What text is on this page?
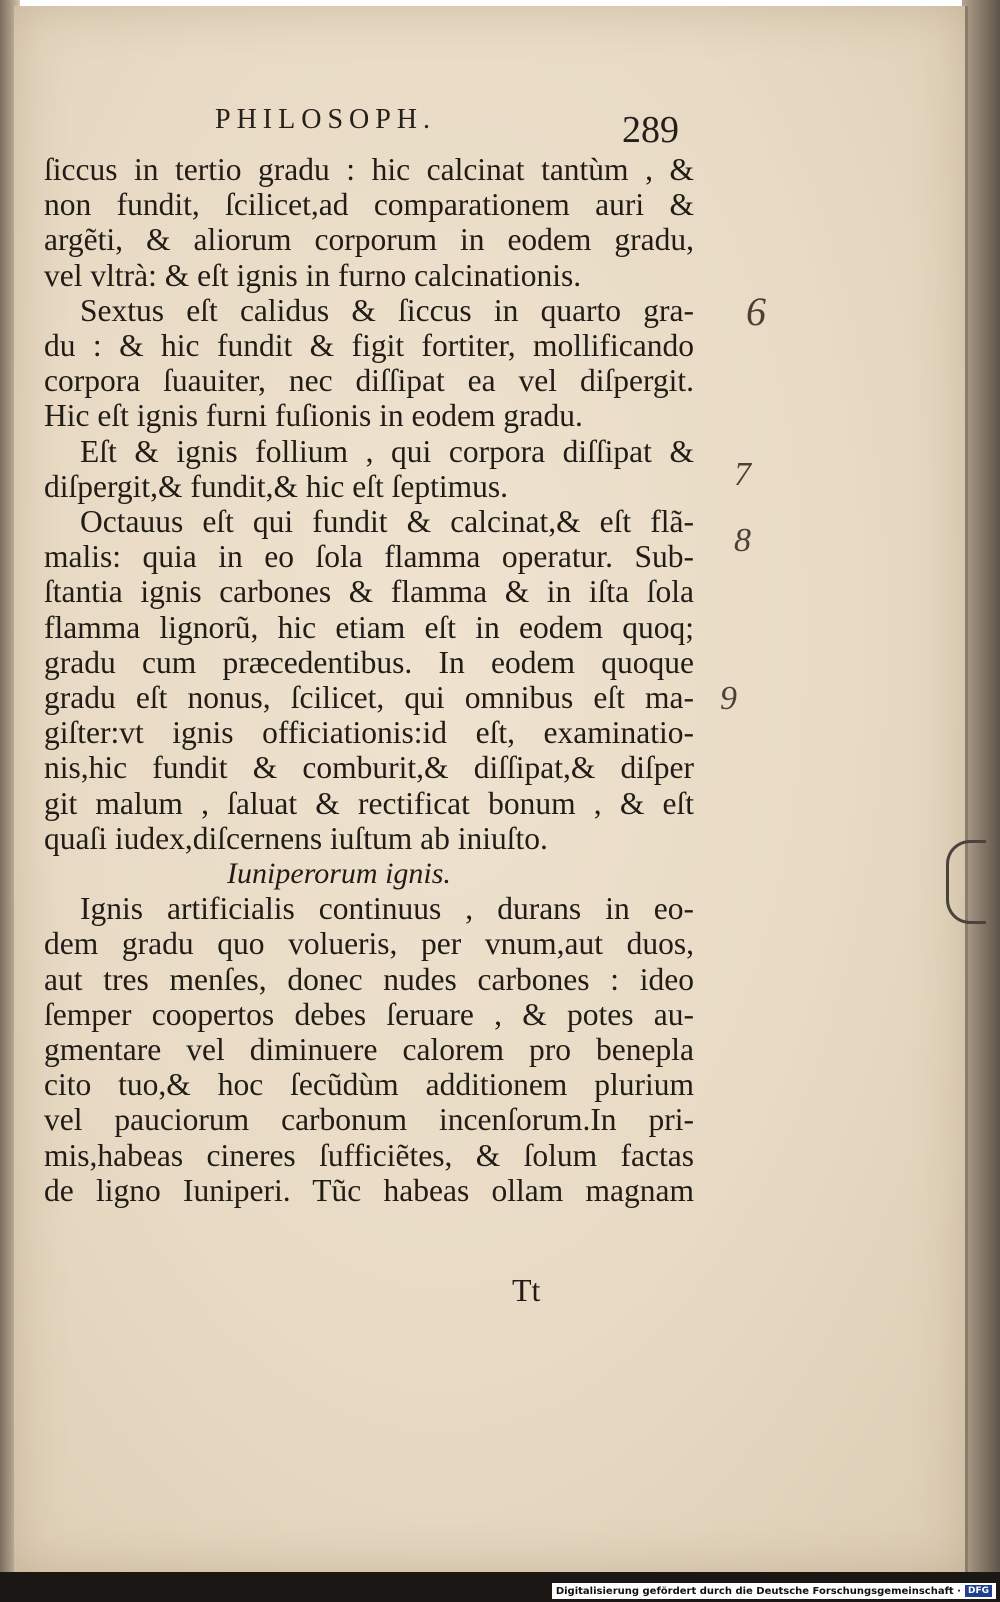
PHILOSOPH.	289
ſiccus in tertio gradu : hic calcinat tantùm , &
non fundit, ſcilicet,ad comparationem auri &
argẽti, & aliorum corporum in eodem gradu,
vel vltrà: & eſt ignis in furno calcinationis.
Sextus eſt calidus & ſiccus in quarto gra-
du : & hic fundit & figit fortiter, mollificando
corpora ſuauiter, nec diſſipat ea vel diſpergit.
Hic eſt ignis furni fuſionis in eodem gradu.
Eſt & ignis follium , qui corpora diſſipat &
diſpergit,& fundit,& hic eſt ſeptimus.
Octauus eſt qui fundit & calcinat,& eſt flã-
malis: quia in eo ſola flamma operatur. Sub-
ſtantia ignis carbones & flamma & in iſta ſola
flamma lignorũ, hic etiam eſt in eodem quoq;
gradu cum præcedentibus. In eodem quoque
gradu eſt nonus, ſcilicet, qui omnibus eſt ma-
giſter:vt ignis officiationis:id eſt, examinatio-
nis,hic fundit & comburit,& diſſipat,& diſper
git malum , ſaluat & rectificat bonum , & eſt
quaſi iudex,diſcernens iuſtum ab iniuſto.
Iuniperorum ignis.
Ignis artificialis continuus , durans in eo-
dem gradu quo volueris, per vnum,aut duos,
aut tres menſes, donec nudes carbones : ideo
ſemper coopertos debes ſeruare , & potes au-
gmentare vel diminuere calorem pro benepla
cito tuo,& hoc ſecũdùm additionem plurium
vel pauciorum carbonum incenſorum.In pri-
mis,habeas cineres ſufficiẽtes, & ſolum factas
de ligno Iuniperi. Tũc habeas ollam magnam
Tt
6
7
8
9
Digitalisierung gefördert durch die Deutsche Forschungsgemeinschaft · DFG
